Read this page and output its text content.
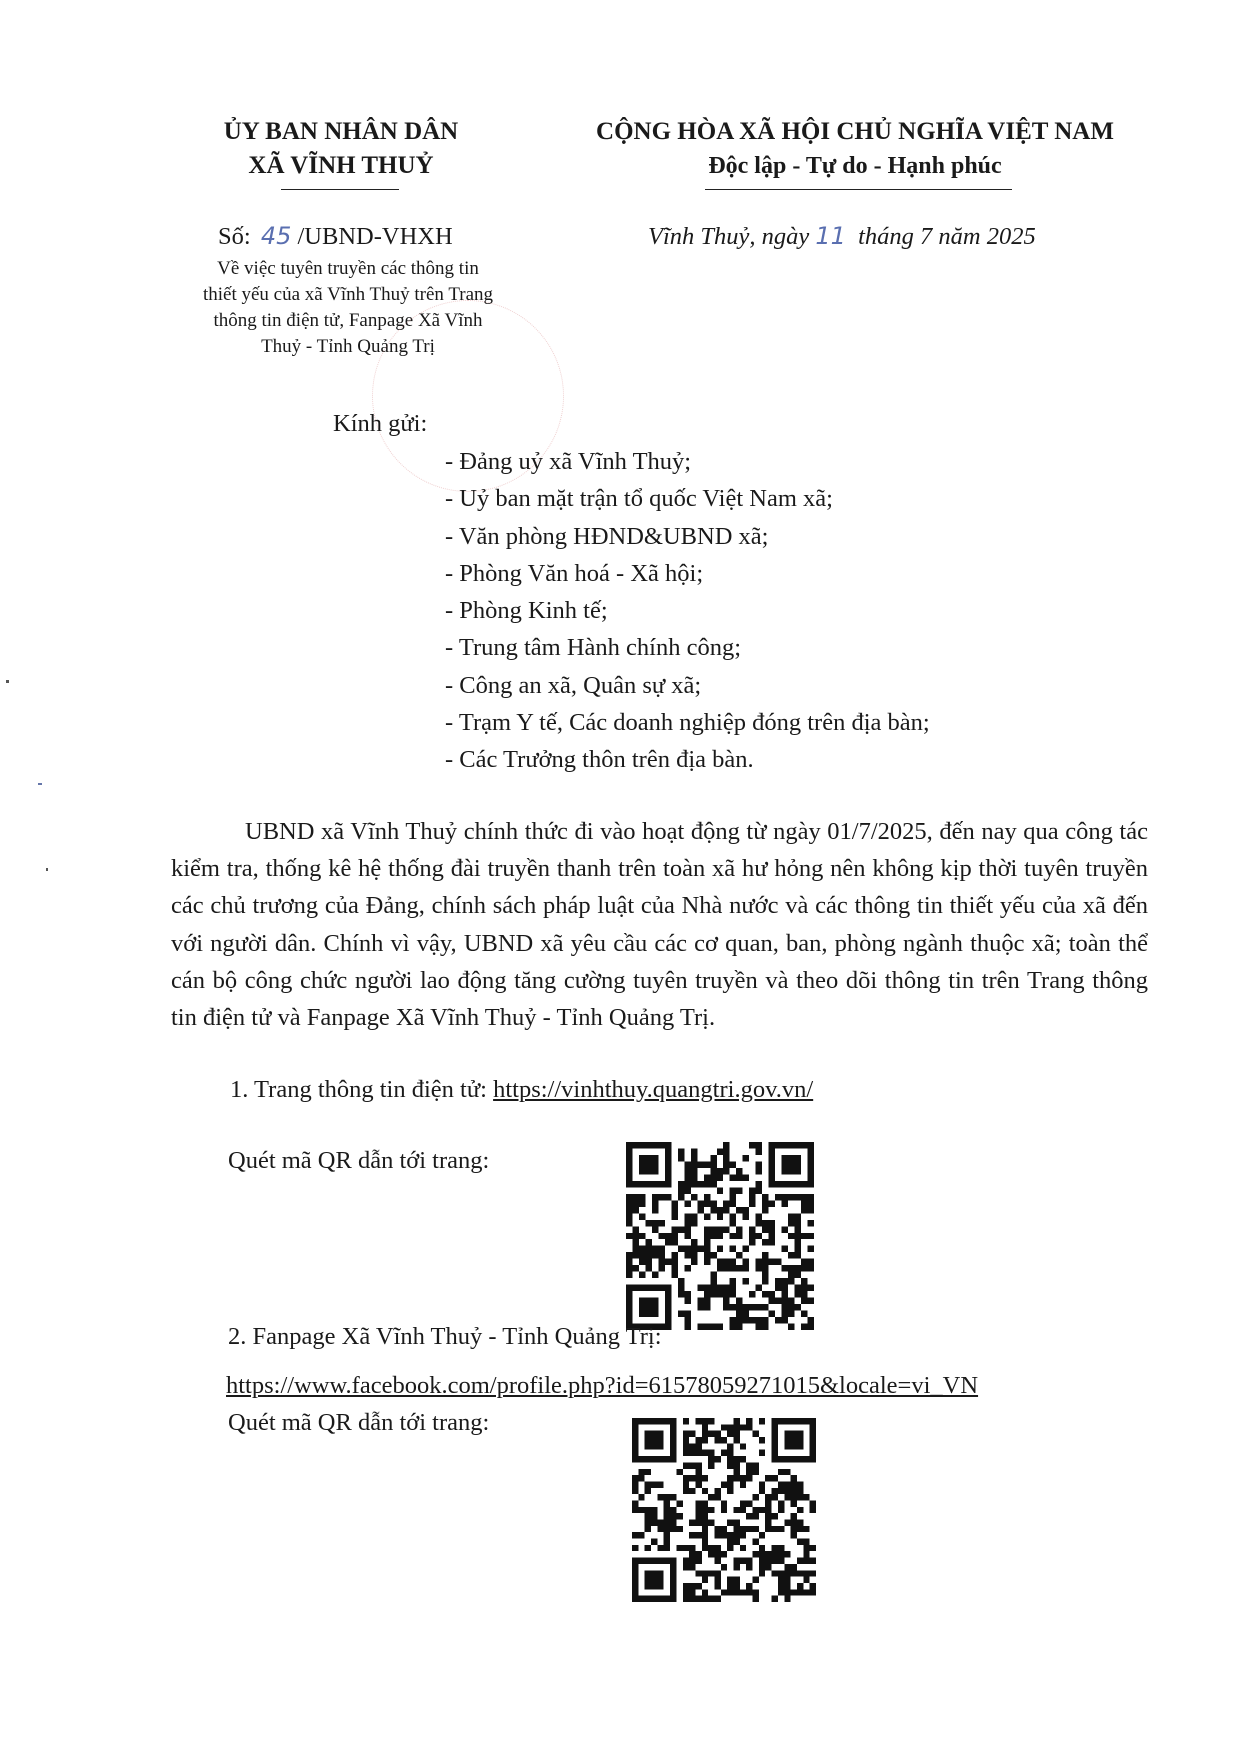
ỦY BAN NHÂN DÂN
XÃ VĨNH THUỶ
CỘNG HÒA XÃ HỘI CHỦ NGHĨA VIỆT NAM
Độc lập - Tự do - Hạnh phúc
Số: 45 /UBND-VHXH	Vĩnh Thuỷ, ngày 11 tháng 7 năm 2025
Về việc tuyên truyền các thông tin
thiết yếu của xã Vĩnh Thuỷ trên Trang
thông tin điện tử, Fanpage Xã Vĩnh
Thuỷ - Tỉnh Quảng Trị
Kính gửi:
- Đảng uỷ xã Vĩnh Thuỷ;
- Uỷ ban mặt trận tổ quốc Việt Nam xã;
- Văn phòng HĐND&UBND xã;
- Phòng Văn hoá - Xã hội;
- Phòng Kinh tế;
- Trung tâm Hành chính công;
- Công an xã, Quân sự xã;
- Trạm Y tế, Các doanh nghiệp đóng trên địa bàn;
- Các Trưởng thôn trên địa bàn.
UBND xã Vĩnh Thuỷ chính thức đi vào hoạt động từ ngày 01/7/2025, đến nay qua công tác kiểm tra, thống kê hệ thống đài truyền thanh trên toàn xã hư hỏng nên không kịp thời tuyên truyền các chủ trương của Đảng, chính sách pháp luật của Nhà nước và các thông tin thiết yếu của xã đến với người dân. Chính vì vậy, UBND xã yêu cầu các cơ quan, ban, phòng ngành thuộc xã; toàn thể cán bộ công chức người lao động tăng cường tuyên truyền và theo dõi thông tin trên Trang thông tin điện tử và Fanpage Xã Vĩnh Thuỷ - Tỉnh Quảng Trị.
1. Trang thông tin điện tử: https://vinhthuy.quangtri.gov.vn/
Quét mã QR dẫn tới trang:
2. Fanpage Xã Vĩnh Thuỷ - Tỉnh Quảng Trị:
https://www.facebook.com/profile.php?id=61578059271015&locale=vi_VN
Quét mã QR dẫn tới trang:
